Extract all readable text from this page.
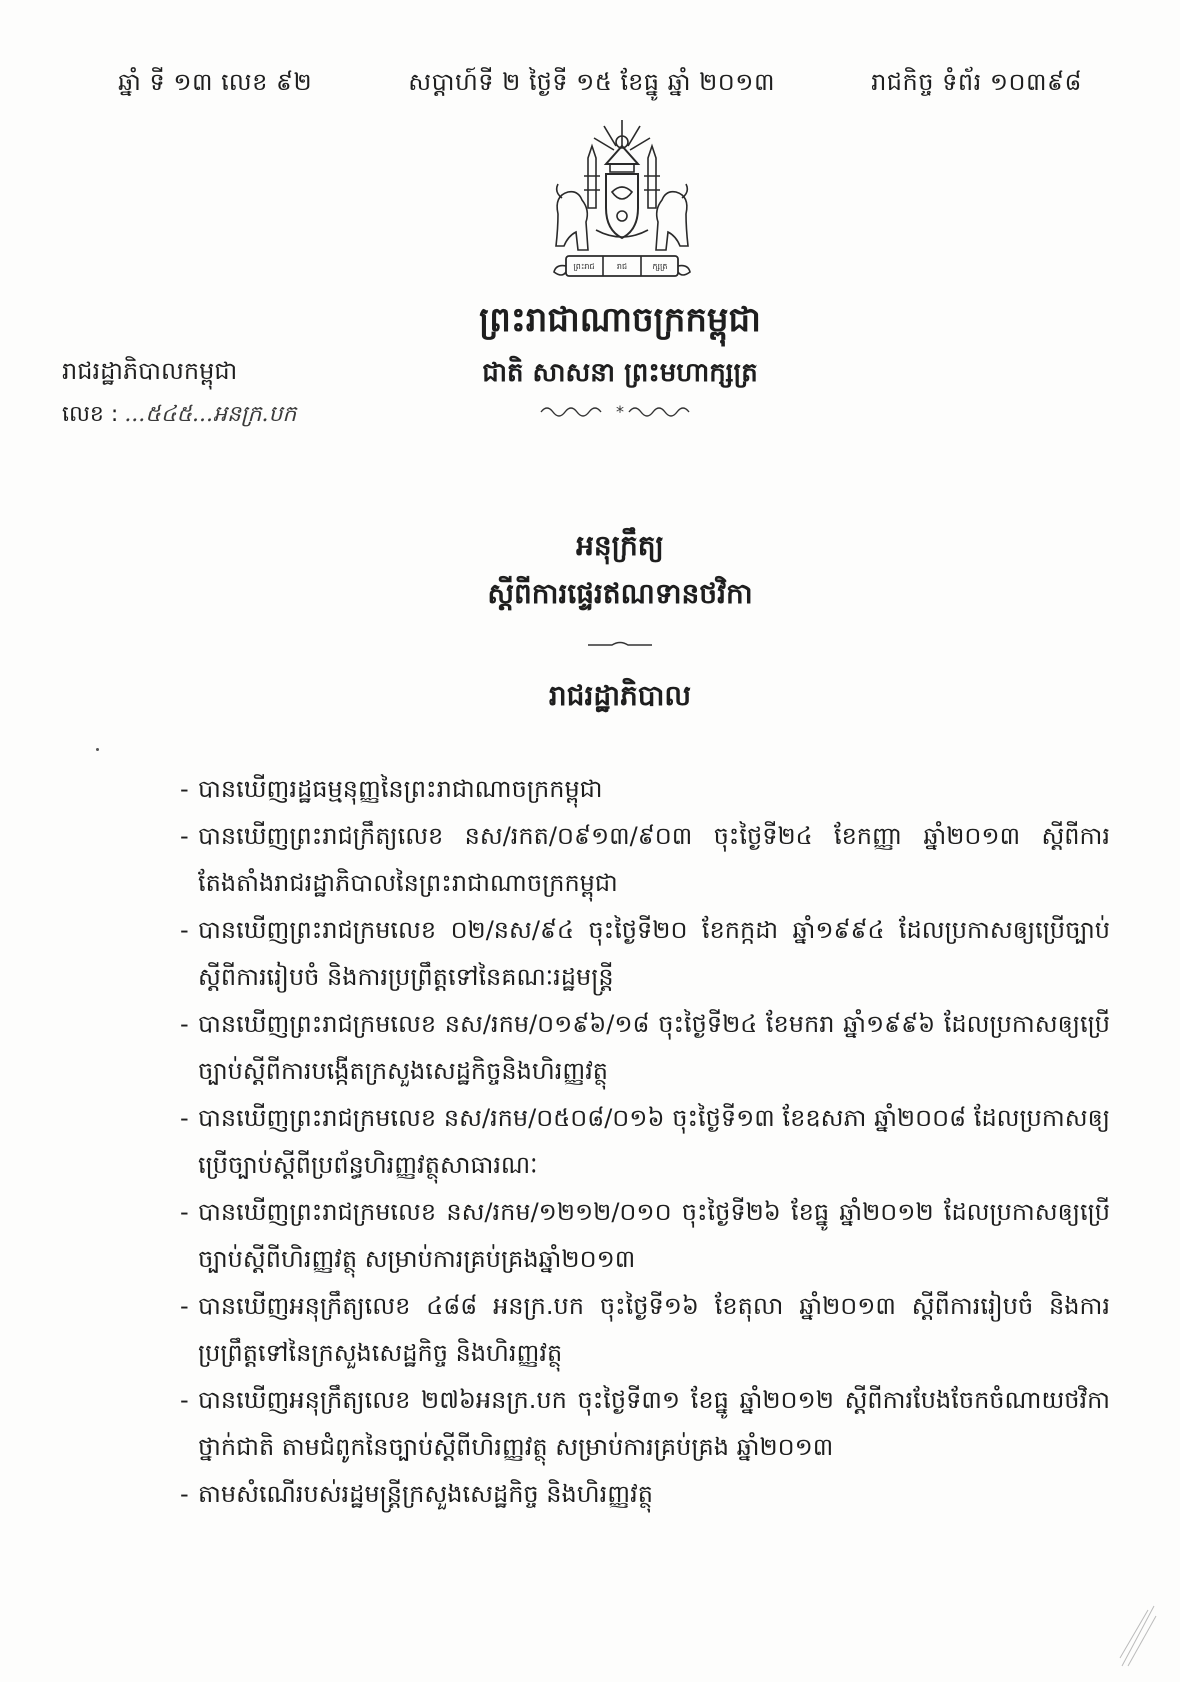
ឆ្នាំ ទី ១៣ លេខ ៩២	សប្តាហ៍ទី ២ ថ្ងៃទី ១៥ ខែធ្នូ ឆ្នាំ ២០១៣	រាជកិច្ច ទំព័រ ១០៣៩៨
ព្រះរាជ	រាជ	ក្សត្រ
ព្រះរាជាណាចក្រកម្ពុជា
ជាតិ សាសនា ព្រះមហាក្សត្រ
*
រាជរដ្ឋាភិបាលកម្ពុជា
លេខ : ...៥៤៥...អនក្រ.បក
អនុក្រឹត្យ
ស្តីពីការផ្ទេរឥណទានថវិកា
រាជរដ្ឋាភិបាល
- បានឃើញរដ្ឋធម្មនុញ្ញនៃព្រះរាជាណាចក្រកម្ពុជា
- បានឃើញព្រះរាជក្រឹត្យលេខ នស/រកត/០៩១៣/៩០៣ ចុះថ្ងៃទី២៤ ខែកញ្ញា ឆ្នាំ២០១៣ ស្តីពីការតែងតាំងរាជរដ្ឋាភិបាលនៃព្រះរាជាណាចក្រកម្ពុជា
- បានឃើញព្រះរាជក្រមលេខ ០២/នស/៩៤ ចុះថ្ងៃទី២០ ខែកក្កដា ឆ្នាំ១៩៩៤ ដែលប្រកាសឲ្យប្រើច្បាប់ ស្តីពីការរៀបចំ និងការប្រព្រឹត្តទៅនៃគណៈរដ្ឋមន្ត្រី
- បានឃើញព្រះរាជក្រមលេខ នស/រកម/០១៩៦/១៨ ចុះថ្ងៃទី២៤ ខែមករា ឆ្នាំ១៩៩៦ ដែលប្រកាសឲ្យប្រើច្បាប់ស្តីពីការបង្កើតក្រសួងសេដ្ឋកិច្ចនិងហិរញ្ញវត្ថុ
- បានឃើញព្រះរាជក្រមលេខ នស/រកម/០៥០៨/០១៦ ចុះថ្ងៃទី១៣ ខែឧសភា ឆ្នាំ២០០៨ ដែលប្រកាសឲ្យប្រើច្បាប់ស្តីពីប្រព័ន្ធហិរញ្ញវត្ថុសាធារណៈ
- បានឃើញព្រះរាជក្រមលេខ នស/រកម/១២១២/០១០ ចុះថ្ងៃទី២៦ ខែធ្នូ ឆ្នាំ២០១២ ដែលប្រកាសឲ្យប្រើច្បាប់ស្តីពីហិរញ្ញវត្ថុ សម្រាប់ការគ្រប់គ្រងឆ្នាំ២០១៣
- បានឃើញអនុក្រឹត្យលេខ ៤៨៨ អនក្រ.បក ចុះថ្ងៃទី១៦ ខែតុលា ឆ្នាំ២០១៣ ស្តីពីការរៀបចំ និងការប្រព្រឹត្តទៅនៃក្រសួងសេដ្ឋកិច្ច និងហិរញ្ញវត្ថុ
- បានឃើញអនុក្រឹត្យលេខ ២៧៦អនក្រ.បក ចុះថ្ងៃទី៣១ ខែធ្នូ ឆ្នាំ២០១២ ស្តីពីការបែងចែកចំណាយថវិកាថ្នាក់ជាតិ តាមជំពូកនៃច្បាប់ស្តីពីហិរញ្ញវត្ថុ សម្រាប់ការគ្រប់គ្រង ឆ្នាំ២០១៣
- តាមសំណើរបស់រដ្ឋមន្ត្រីក្រសួងសេដ្ឋកិច្ច និងហិរញ្ញវត្ថុ
